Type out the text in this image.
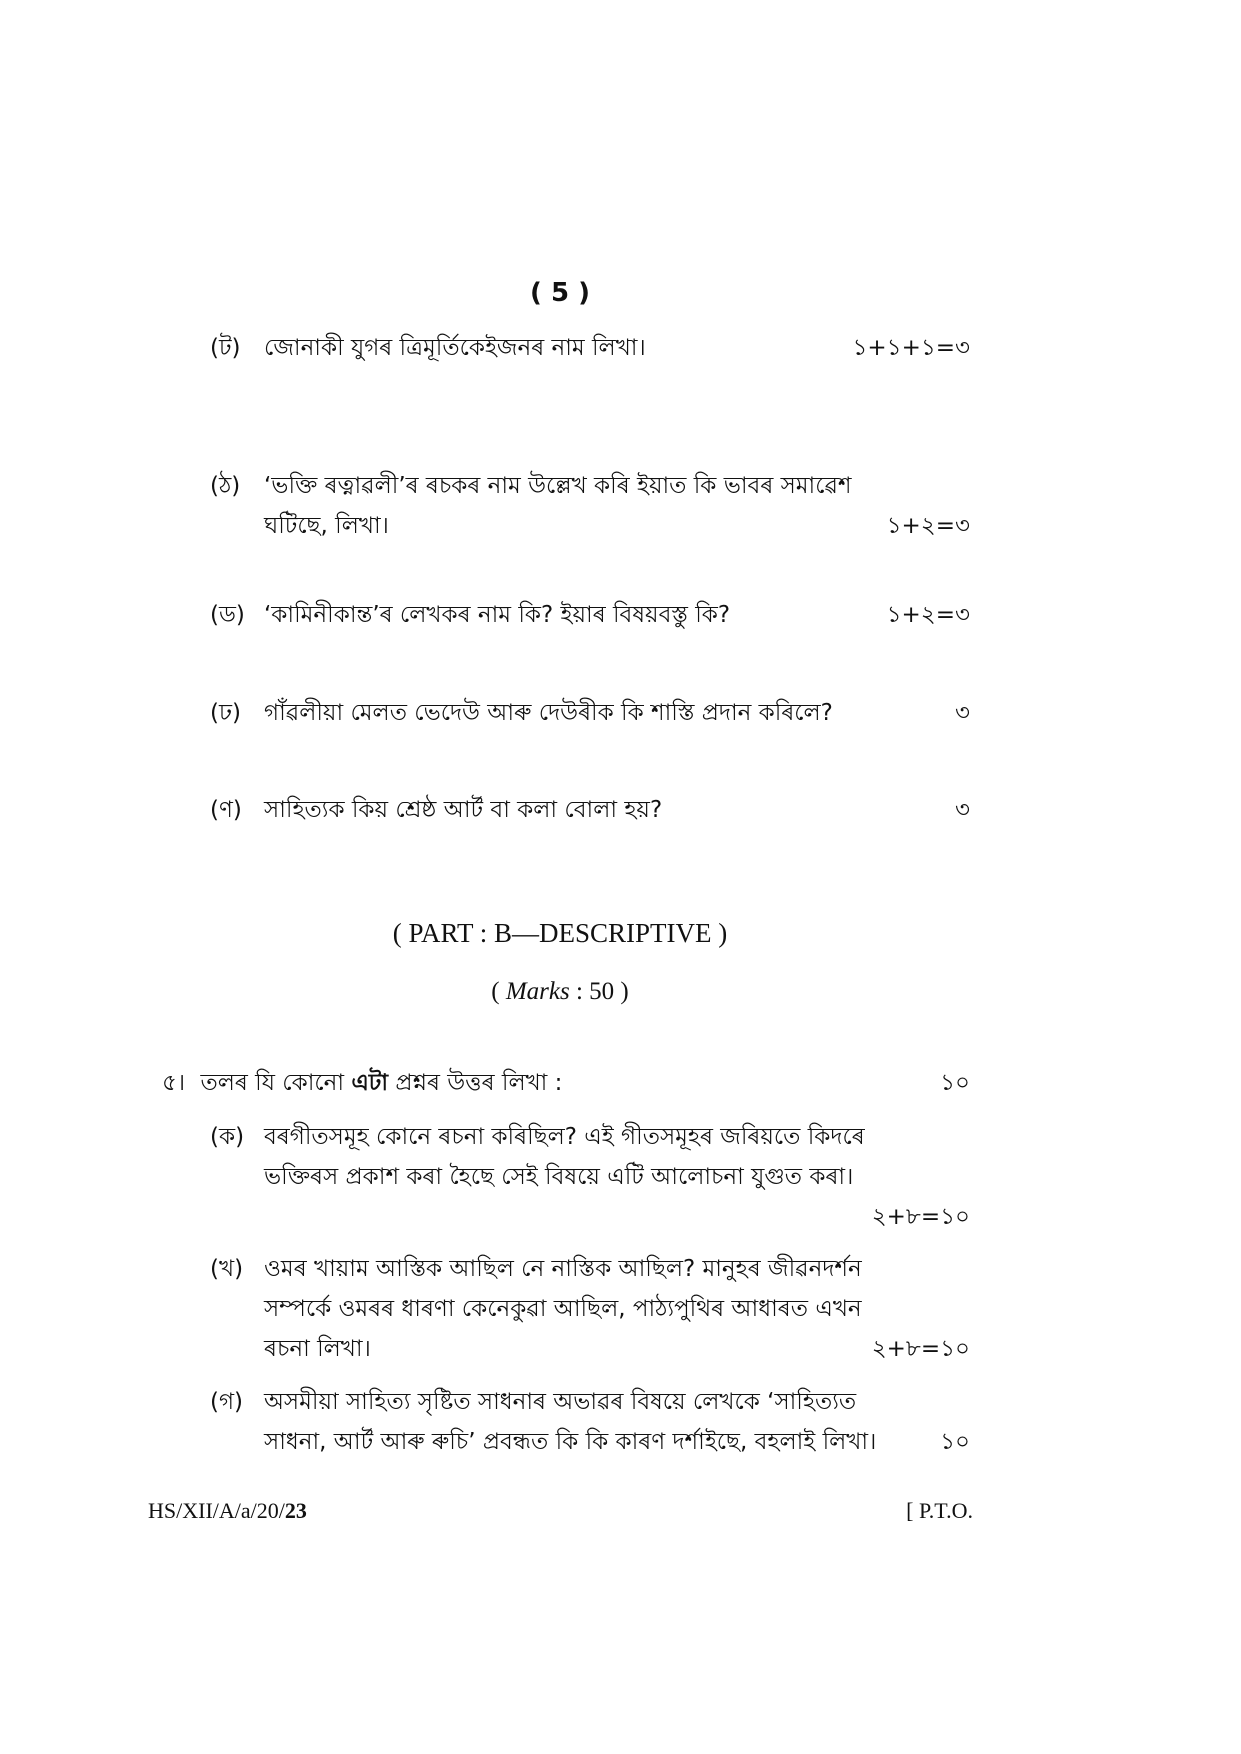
( 5 )
(ট) জোনাকী যুগৰ ত্ৰিমূৰ্তিকেইজনৰ নাম লিখা।	১+১+১=৩
(ঠ) ‘ভক্তি ৰত্নাৱলী’ৰ ৰচকৰ নাম উল্লেখ কৰি ইয়াত কি ভাবৰ সমাৱেশ
ঘটিছে, লিখা।	১+২=৩
(ড) ‘কামিনীকান্ত’ৰ লেখকৰ নাম কি? ইয়াৰ বিষয়বস্তু কি?	১+২=৩
(ঢ) গাঁৱলীয়া মেলত ভেদেউ আৰু দেউৰীক কি শাস্তি প্ৰদান কৰিলে?	৩
(ণ) সাহিত্যক কিয় শ্ৰেষ্ঠ আৰ্ট বা কলা বোলা হয়?	৩
( PART : B—DESCRIPTIVE )
( Marks : 50 )
৫। তলৰ যি কোনো এটা প্ৰশ্নৰ উত্তৰ লিখা :	১০
(ক) বৰগীতসমূহ কোনে ৰচনা কৰিছিল? এই গীতসমূহৰ জৰিয়তে কিদৰে
ভক্তিৰস প্ৰকাশ কৰা হৈছে সেই বিষয়ে এটি আলোচনা যুগুত কৰা।
২+৮=১০
(খ) ওমৰ খায়াম আস্তিক আছিল নে নাস্তিক আছিল? মানুহৰ জীৱনদৰ্শন
সম্পৰ্কে ওমৰৰ ধাৰণা কেনেকুৱা আছিল, পাঠ্যপুথিৰ আধাৰত এখন
ৰচনা লিখা।	২+৮=১০
(গ) অসমীয়া সাহিত্য সৃষ্টিত সাধনাৰ অভাৱৰ বিষয়ে লেখকে ‘সাহিত্যত
সাধনা, আৰ্ট আৰু ৰুচি’ প্ৰবন্ধত কি কি কাৰণ দৰ্শাইছে, বহলাই লিখা।	১০
HS/XII/A/a/20/23	[ P.T.O.
